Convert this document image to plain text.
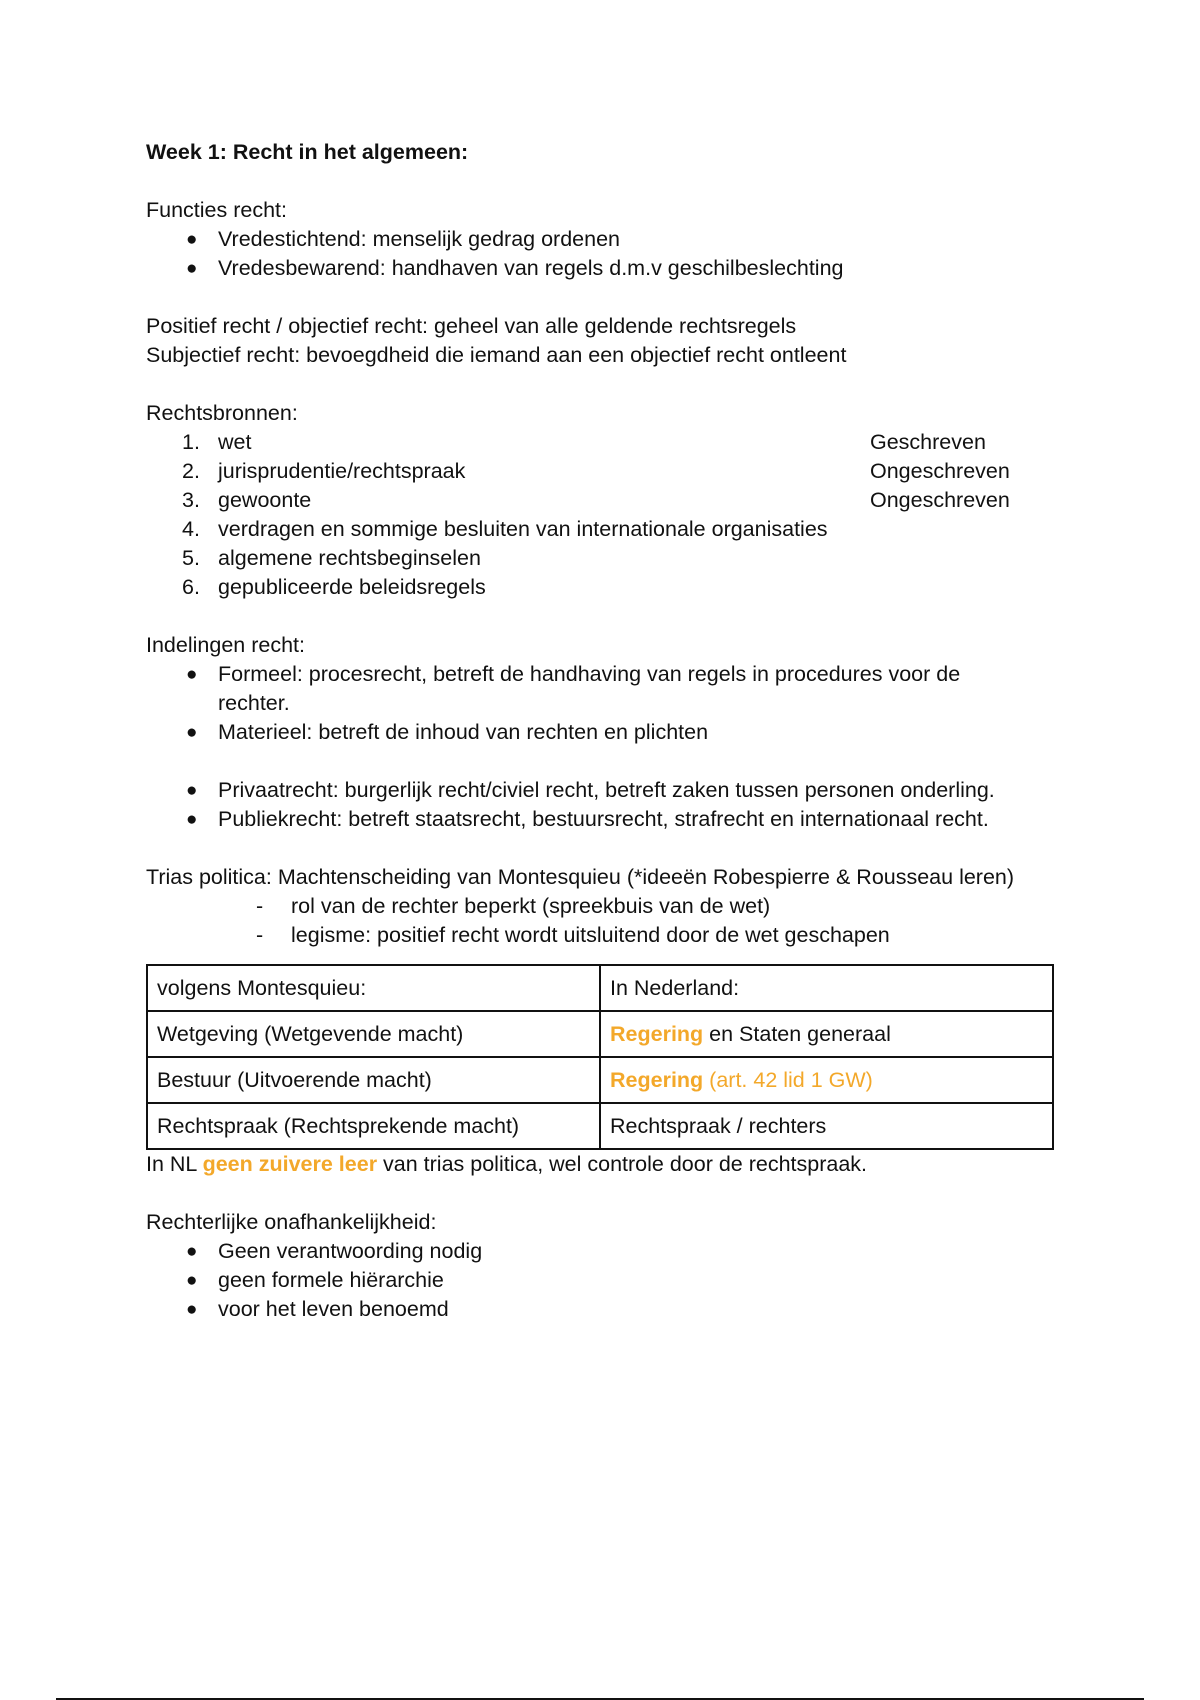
Week 1: Recht in het algemeen:

Functies recht:

● Vredestichtend: menselijk gedrag ordenen
● Vredesbewarend: handhaven van regels d.m.v geschilbeslechting

Positief recht / objectief recht: geheel van alle geldende rechtsregels

Subjectief recht: bevoegdheid die iemand aan een objectief recht ontleent

Rechtsbronnen:

1. wet	Geschreven
2. jurisprudentie/rechtspraak	Ongeschreven
3. gewoonte	Ongeschreven
4. verdragen en sommige besluiten van internationale organisaties
5. algemene rechtsbeginselen
6. gepubliceerde beleidsregels

Indelingen recht:

● Formeel: procesrecht, betreft de handhaving van regels in procedures voor de
rechter.
● Materieel: betreft de inhoud van rechten en plichten
● Privaatrecht: burgerlijk recht/civiel recht, betreft zaken tussen personen onderling.
● Publiekrecht: betreft staatsrecht, bestuursrecht, strafrecht en internationaal recht.

Trias politica: Machtenscheiding van Montesquieu (*ideeën Robespierre & Rousseau leren)

- rol van de rechter beperkt (spreekbuis van de wet)
- legisme: positief recht wordt uitsluitend door de wet geschapen
volgens Montesquieu:	In Nederland:
Wetgeving (Wetgevende macht)	Regering en Staten generaal
Bestuur (Uitvoerende macht)	Regering (art. 42 lid 1 GW)
Rechtspraak (Rechtsprekende macht)	Rechtspraak / rechters

In NL geen zuivere leer van trias politica, wel controle door de rechtspraak.

Rechterlijke onafhankelijkheid:

● Geen verantwoording nodig
● geen formele hiërarchie
● voor het leven benoemd
